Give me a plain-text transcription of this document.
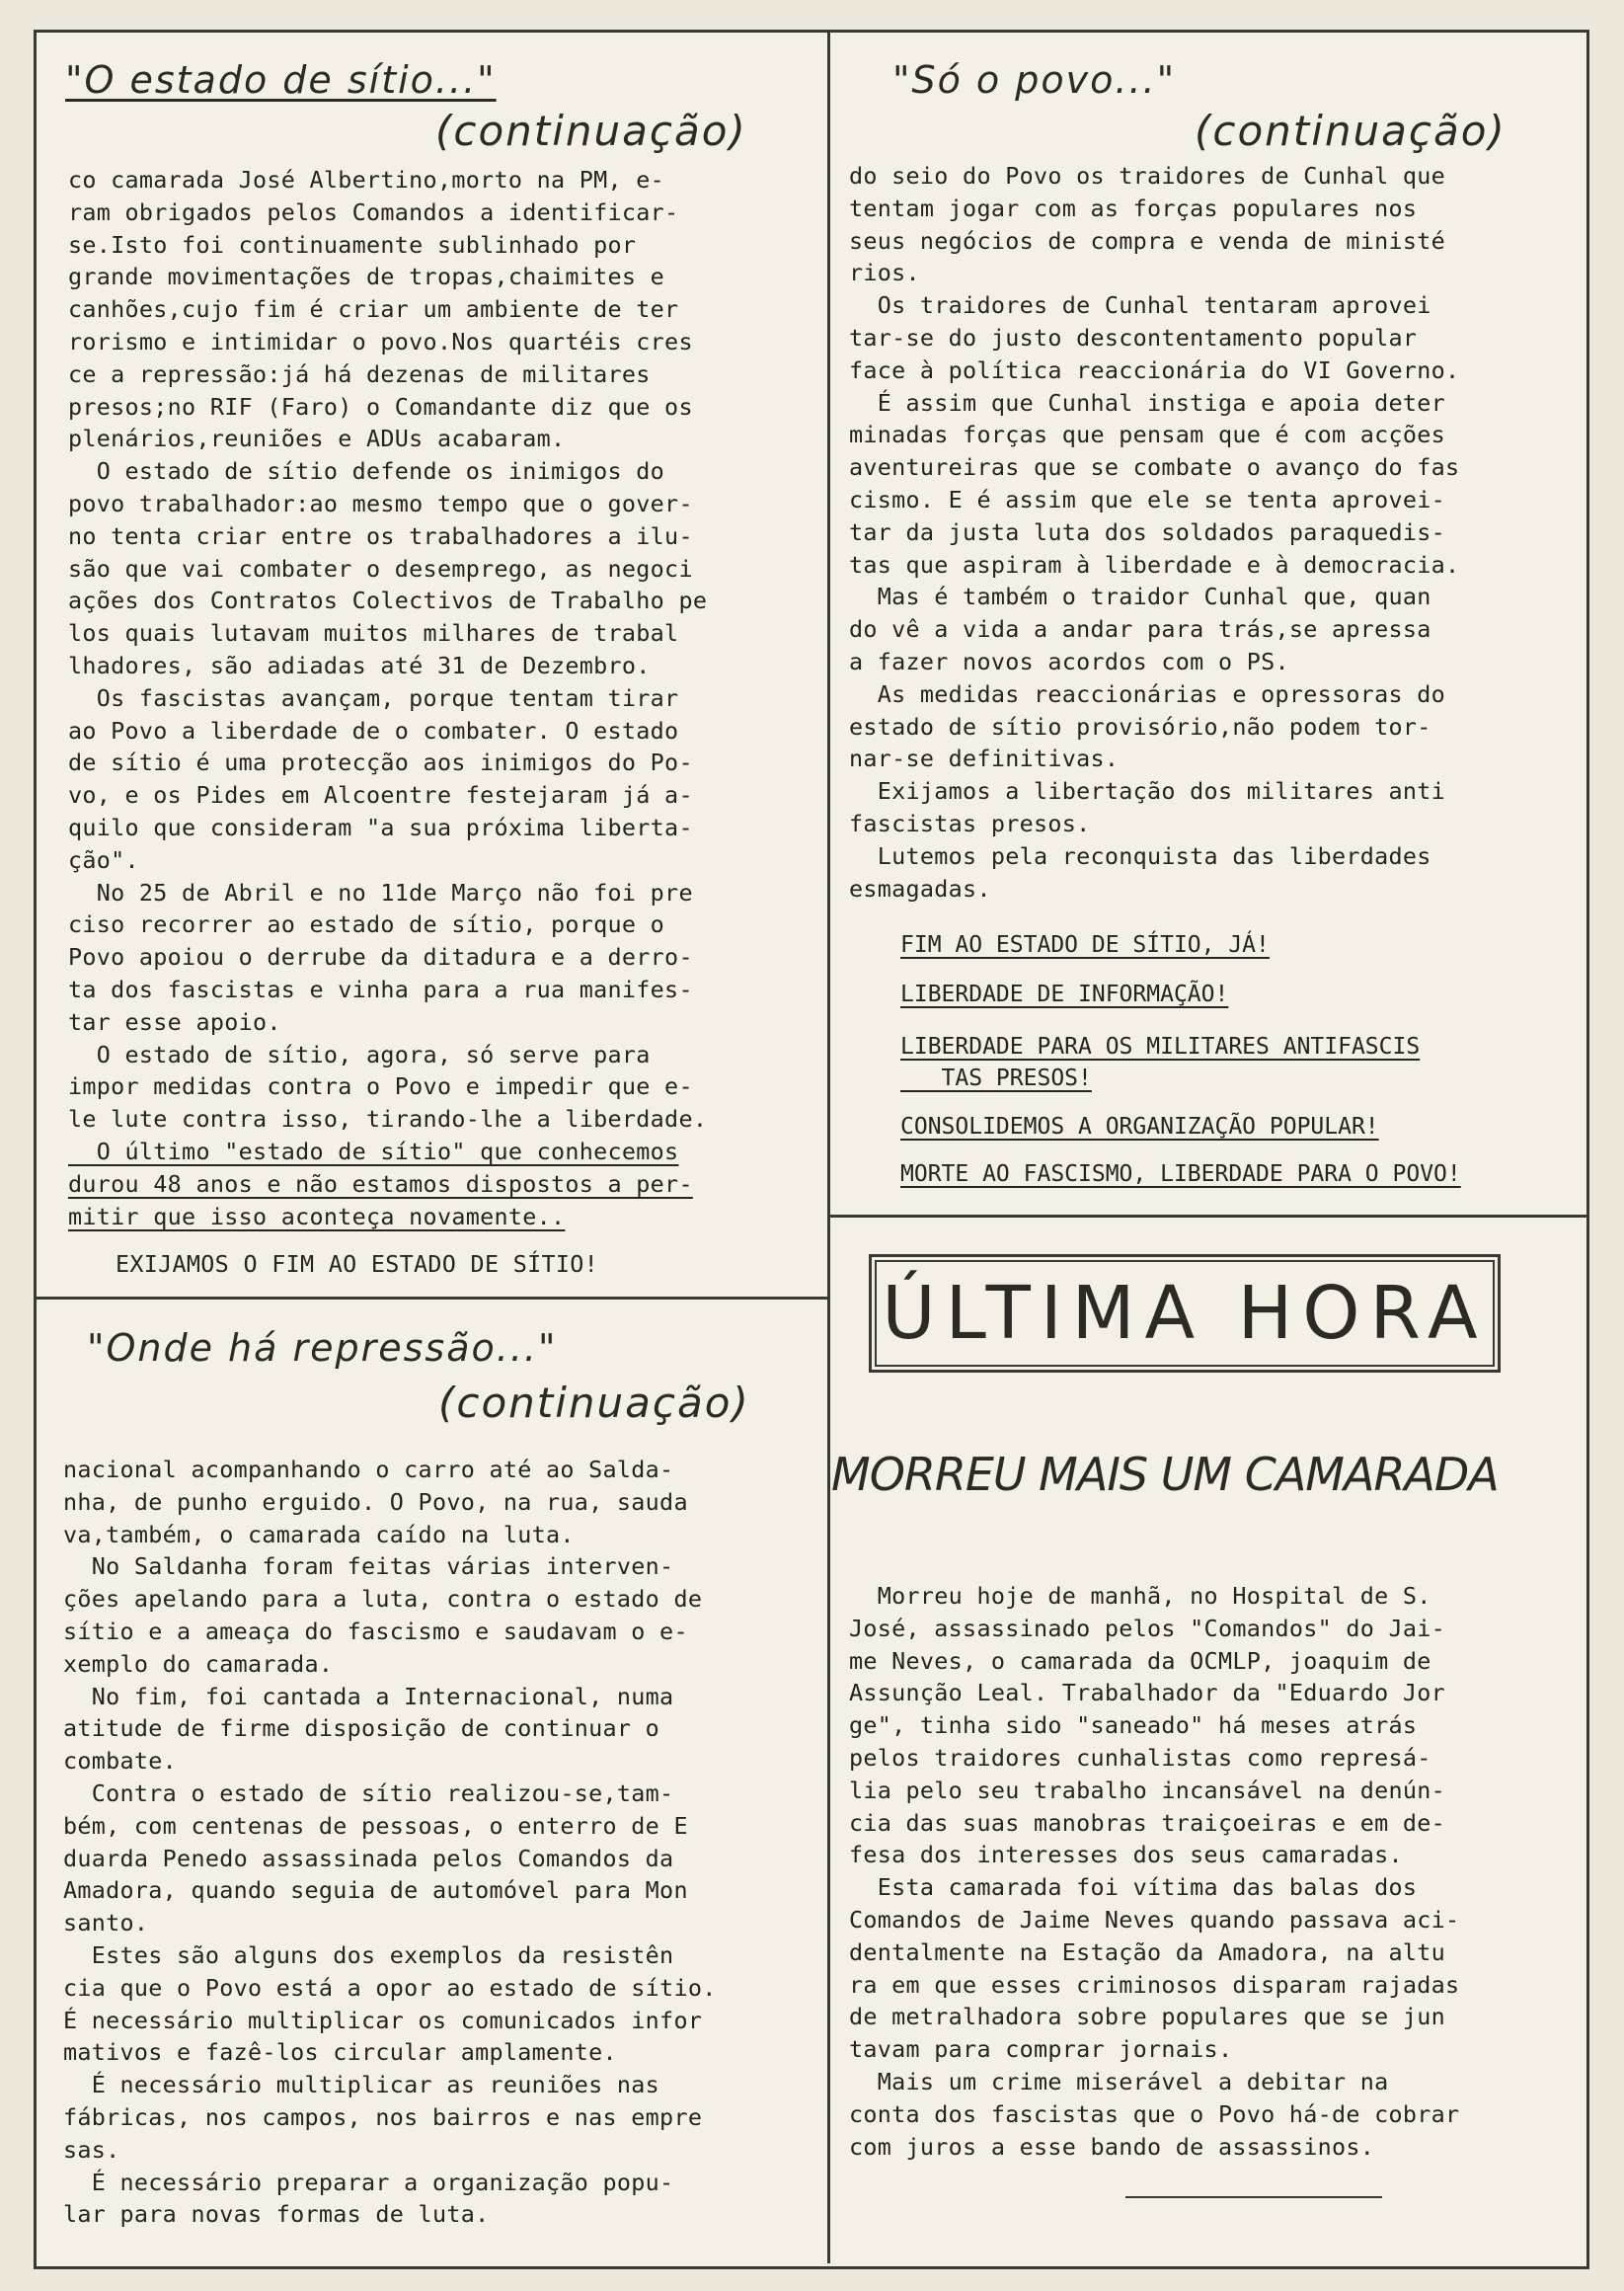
"O estado de sítio..."

(continuação)

co camarada José Albertino,morto na PM, e-
ram obrigados pelos Comandos a identificar-
se.Isto foi continuamente sublinhado por
grande movimentações de tropas,chaimites e
canhões,cujo fim é criar um ambiente de ter
rorismo e intimidar o povo.Nos quartéis cres
ce a repressão:já há dezenas de militares
presos;no RIF (Faro) o Comandante diz que os
plenários,reuniões e ADUs acabaram.

O estado de sítio defende os inimigos do
povo trabalhador:ao mesmo tempo que o gover-
no tenta criar entre os trabalhadores a ilu-
são que vai combater o desemprego, as negoci
ações dos Contratos Colectivos de Trabalho pe
los quais lutavam muitos milhares de trabal
lhadores, são adiadas até 31 de Dezembro.

Os fascistas avançam, porque tentam tirar
ao Povo a liberdade de o combater. O estado
de sítio é uma protecção aos inimigos do Po-
vo, e os Pides em Alcoentre festejaram já a-
quilo que consideram "a sua próxima liberta-
ção".

No 25 de Abril e no 11de Março não foi pre
ciso recorrer ao estado de sítio, porque o
Povo apoiou o derrube da ditadura e a derro-
ta dos fascistas e vinha para a rua manifes-
tar esse apoio.

O estado de sítio, agora, só serve para
impor medidas contra o Povo e impedir que e-
le lute contra isso, tirando-lhe a liberdade.

O último "estado de sítio" que conhecemos
durou 48 anos e não estamos dispostos a per-
mitir que isso aconteça novamente..

EXIJAMOS O FIM AO ESTADO DE SÍTIO!

"Só o povo..."

(continuação)

do seio do Povo os traidores de Cunhal que
tentam jogar com as forças populares nos
seus negócios de compra e venda de ministé
rios.

Os traidores de Cunhal tentaram aprovei
tar-se do justo descontentamento popular
face à política reaccionária do VI Governo.

É assim que Cunhal instiga e apoia deter
minadas forças que pensam que é com acções
aventureiras que se combate o avanço do fas
cismo. E é assim que ele se tenta aprovei-
tar da justa luta dos soldados paraquedis-
tas que aspiram à liberdade e à democracia.

Mas é também o traidor Cunhal que, quan
do vê a vida a andar para trás,se apressa
a fazer novos acordos com o PS.

As medidas reaccionárias e opressoras do
estado de sítio provisório,não podem tor-
nar-se definitivas.

Exijamos a libertação dos militares anti
fascistas presos.

Lutemos pela reconquista das liberdades
esmagadas.

FIM AO ESTADO DE SÍTIO, JÁ!

LIBERDADE DE INFORMAÇÃO!

LIBERDADE PARA OS MILITARES ANTIFASCIS
TAS PRESOS!

CONSOLIDEMOS A ORGANIZAÇÃO POPULAR!

MORTE AO FASCISMO, LIBERDADE PARA O POVO!

"Onde há repressão..."

(continuação)

nacional acompanhando o carro até ao Salda-
nha, de punho erguido. O Povo, na rua, sauda
va,também, o camarada caído na luta.

No Saldanha foram feitas várias interven-
ções apelando para a luta, contra o estado de
sítio e a ameaça do fascismo e saudavam o e-
xemplo do camarada.

No fim, foi cantada a Internacional, numa
atitude de firme disposição de continuar o
combate.

Contra o estado de sítio realizou-se,tam-
bém, com centenas de pessoas, o enterro de E
duarda Penedo assassinada pelos Comandos da
Amadora, quando seguia de automóvel para Mon
santo.

Estes são alguns dos exemplos da resistên
cia que o Povo está a opor ao estado de sítio.
É necessário multiplicar os comunicados infor
mativos e fazê-los circular amplamente.

É necessário multiplicar as reuniões nas
fábricas, nos campos, nos bairros e nas empre
sas.

É necessário preparar a organização popu-
lar para novas formas de luta.

ÚLTIMA HORA
MORREU MAIS UM CAMARADA

Morreu hoje de manhã, no Hospital de S.
José, assassinado pelos "Comandos" do Jai-
me Neves, o camarada da OCMLP, joaquim de
Assunção Leal. Trabalhador da "Eduardo Jor
ge", tinha sido "saneado" há meses atrás
pelos traidores cunhalistas como represá-
lia pelo seu trabalho incansável na denún-
cia das suas manobras traiçoeiras e em de-
fesa dos interesses dos seus camaradas.

Esta camarada foi vítima das balas dos
Comandos de Jaime Neves quando passava aci-
dentalmente na Estação da Amadora, na altu
ra em que esses criminosos disparam rajadas
de metralhadora sobre populares que se jun
tavam para comprar jornais.

Mais um crime miserável a debitar na
conta dos fascistas que o Povo há-de cobrar
com juros a esse bando de assassinos.
